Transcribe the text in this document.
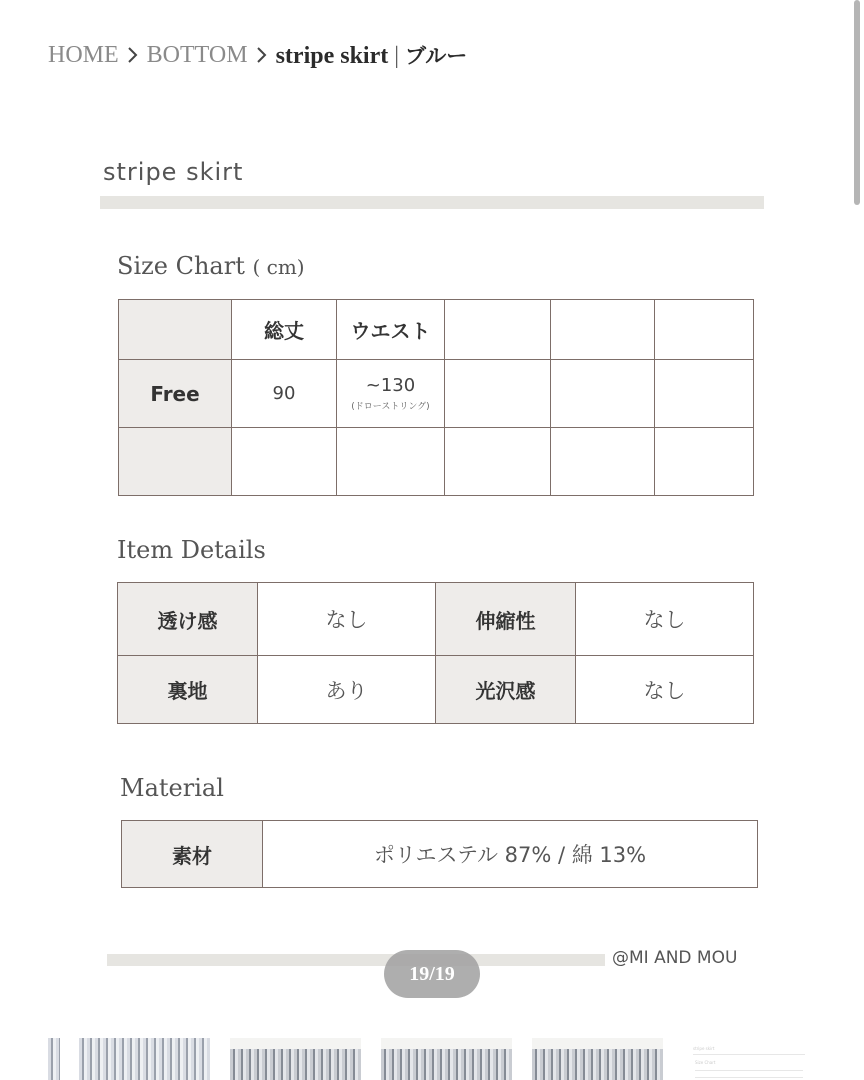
HOME BOTTOM stripe skirt | ブルー
stripe skirt
Size Chart ( cm)
	総丈	ウエスト			
Free	90	~130
(ドローストリング)			

Item Details
透け感	なし	伸縮性	なし
裏地	あり	光沢感	なし
Material
素材	ポリエステル 87% / 綿 13%
@MI AND MOU
19/19
stripe skirt
Size Chart
